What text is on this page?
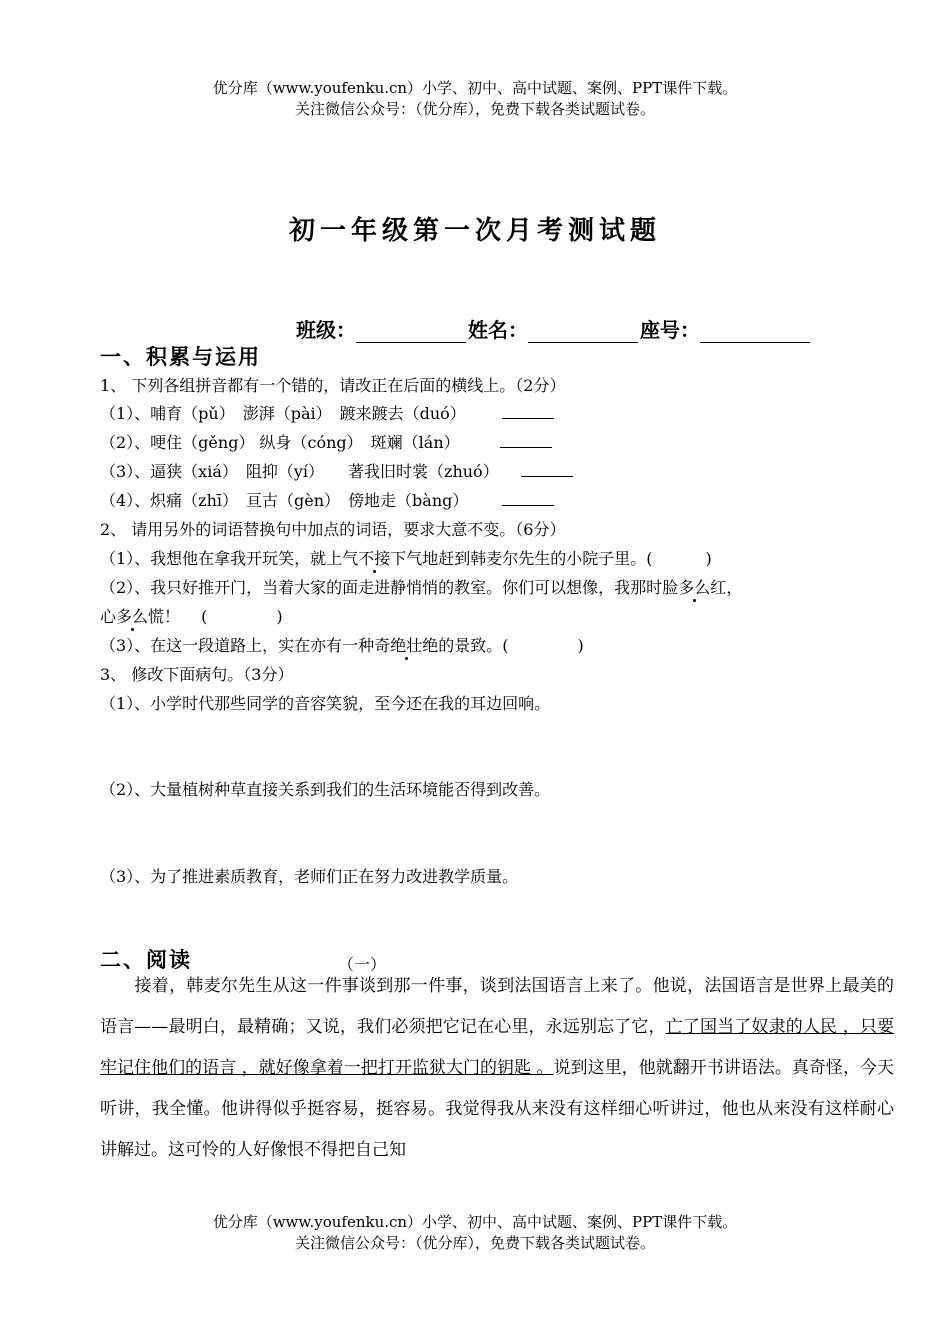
优分库（www.youfenku.cn）小学、初中、高中试题、案例、PPT课件下载。
关注微信公众号：（优分库），免费下载各类试题试卷。
初一年级第一次月考测试题
班级：	姓名：	座号：
一、积累与运用
1、 下列各组拼音都有一个错的，请改正在后面的横线上。（2分）
（1）、哺育（pǔ）　澎湃（pài）　踱来踱去（duó）
（2）、哽住（gěng） 纵身（cóng）　斑斓（lán）
（3）、逼狭（xiá）　阻抑（yí）　　著我旧时裳（zhuó）
（4）、炽痛（zhī）　亘古（gèn）　傍地走（bàng）
2、 请用另外的词语替换句中加点的词语，要求大意不变。（6分）
（1）、我想他在拿我开玩笑，就上气不接下气地赶到韩麦尔先生的小院子里。(　　　 )
（2）、我只好推开门，当着大家的面走进静悄悄的教室。你们可以想像，我那时脸多么红，
心多么慌！　 (　　　　 )
（3）、在这一段道路上，实在亦有一种奇绝壮绝的景致。(　　　　 )
3、 修改下面病句。（3分）
（1）、小学时代那些同学的音容笑貌，至今还在我的耳边回响。
（2）、大量植树种草直接关系到我们的生活环境能否得到改善。
（3）、为了推进素质教育，老师们正在努力改进教学质量。
二、阅读	（一）
　　接着，韩麦尔先生从这一件事谈到那一件事，谈到法国语言上来了。他说，法国语言是世界上最美的语言——最明白，最精确；又说，我们必须把它记在心里，永远别忘了它，亡了国当了奴隶的人民 ，只要牢记住他们的语言 ，就好像拿着一把打开监狱大门的钥匙 。说到这里，他就翻开书讲语法。真奇怪，今天听讲，我全懂。他讲得似乎挺容易，挺容易。我觉得我从来没有这样细心听讲过，他也从来没有这样耐心讲解过。这可怜的人好像恨不得把自己知
优分库（www.youfenku.cn）小学、初中、高中试题、案例、PPT课件下载。
关注微信公众号：（优分库），免费下载各类试题试卷。
